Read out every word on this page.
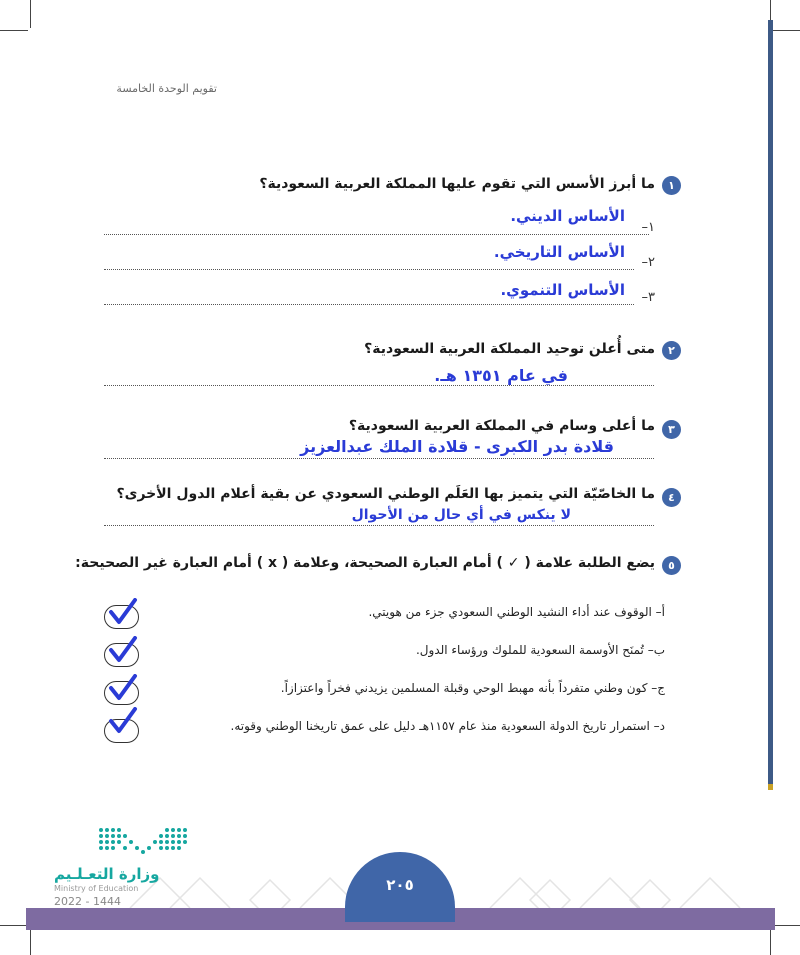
تقويم الوحدة الخامسة
١
ما أبرز الأسس التي تقوم عليها المملكة العربية السعودية؟
الأساس الديني.
١–
الأساس التاريخي.
٢–
الأساس التنموي. ٣–
٢
متى أُعلن توحيد المملكة العربية السعودية؟
في عام ١٣٥١ هـ.
٣
ما أعلى وسام في المملكة العربية السعودية؟
قلادة بدر الكبرى - قلادة الملك عبدالعزيز
٤
ما الخاصّيّة التي يتميز بها العَلَم الوطني السعودي عن بقية أعلام الدول الأخرى؟
لا ينكس في أي حال من الأحوال
٥
يضع الطلبة علامة ( ✓ ) أمام العبارة الصحيحة، وعلامة ( x ) أمام العبارة غير الصحيحة:
أ– الوقوف عند أداء النشيد الوطني السعودي جزء من هويتي.
ب– تُمنَح الأوسمة السعودية للملوك ورؤساء الدول.
ج– كون وطني متفرداً بأنه مهبط الوحي وقبلة المسلمين يزيدني فخراً واعتزازاً.
د– استمرار تاريخ الدولة السعودية منذ عام ١١٥٧هـ دليل على عمق تاريخنا الوطني وقوته.
٢٠٥
وزارة التعـلـيم
Ministry of Education
2022 - 1444
